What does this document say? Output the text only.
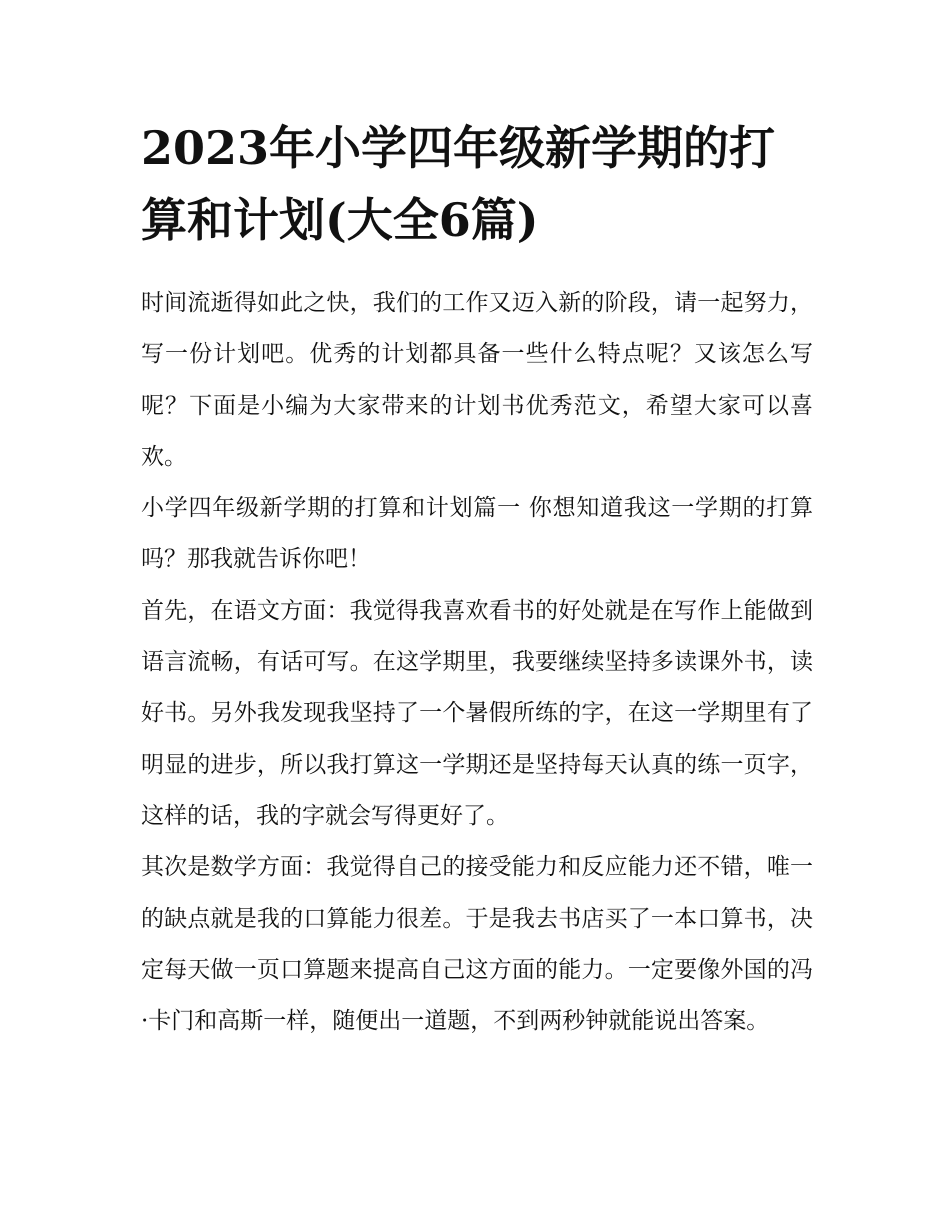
2023年小学四年级新学期的打算和计划(大全6篇)

时间流逝得如此之快，我们的工作又迈入新的阶段，请一起努力，写一份计划吧。优秀的计划都具备一些什么特点呢？又该怎么写呢？下面是小编为大家带来的计划书优秀范文，希望大家可以喜欢。

小学四年级新学期的打算和计划篇一 你想知道我这一学期的打算吗？那我就告诉你吧！

首先，在语文方面：我觉得我喜欢看书的好处就是在写作上能做到语言流畅，有话可写。在这学期里，我要继续坚持多读课外书，读好书。另外我发现我坚持了一个暑假所练的字，在这一学期里有了明显的进步，所以我打算这一学期还是坚持每天认真的练一页字，这样的话，我的字就会写得更好了。

其次是数学方面：我觉得自己的接受能力和反应能力还不错，唯一的缺点就是我的口算能力很差。于是我去书店买了一本口算书，决定每天做一页口算题来提高自己这方面的能力。一定要像外国的冯·卡门和高斯一样，随便出一道题，不到两秒钟就能说出答案。
